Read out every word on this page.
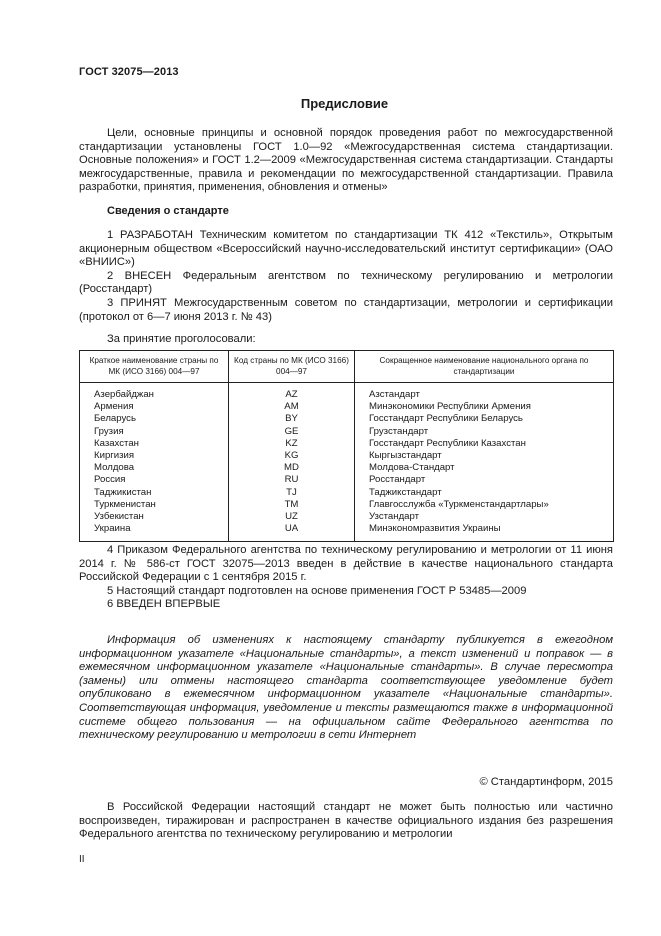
ГОСТ 32075—2013
Предисловие

Цели, основные принципы и основной порядок проведения работ по межгосударственной стандартизации установлены ГОСТ 1.0—92 «Межгосударственная система стандартизации. Основные положения» и ГОСТ 1.2—2009 «Межгосударственная система стандартизации. Стандарты межгосударственные, правила и рекомендации по межгосударственной стандартизации. Правила разработки, принятия, применения, обновления и отмены»

Сведения о стандарте

1 РАЗРАБОТАН Техническим комитетом по стандартизации ТК 412 «Текстиль», Открытым акционерным обществом «Всероссийский научно-исследовательский институт сертификации» (ОАО «ВНИИС»)

2 ВНЕСЕН Федеральным агентством по техническому регулированию и метрологии (Росстандарт)

3 ПРИНЯТ Межгосударственным советом по стандартизации, метрологии и сертификации (протокол от 6—7 июня 2013 г. № 43)

За принятие проголосовали:
Краткое наименование страны по МК (ИСО 3166) 004—97	Код страны по МК (ИСО 3166) 004—97	Сокращенное наименование национального органа по стандартизации
Азербайджан	AZ	Азстандарт
Армения	AM	Минэкономики Республики Армения
Беларусь	BY	Госстандарт Республики Беларусь
Грузия	GE	Грузстандарт
Казахстан	KZ	Госстандарт Республики Казахстан
Киргизия	KG	Кыргызстандарт
Молдова	MD	Молдова-Стандарт
Россия	RU	Росстандарт
Таджикистан	TJ	Таджикстандарт
Туркменистан	TM	Главгосслужба «Туркменстандартлары»
Узбекистан	UZ	Узстандарт
Украина	UA	Минэкономразвития Украины

4 Приказом Федерального агентства по техническому регулированию и метрологии от 11 июня 2014 г. № 586-ст ГОСТ 32075—2013 введен в действие в качестве национального стандарта Российской Федерации с 1 сентября 2015 г.

5 Настоящий стандарт подготовлен на основе применения ГОСТ Р 53485—2009

6 ВВЕДЕН ВПЕРВЫЕ

Информация об изменениях к настоящему стандарту публикуется в ежегодном информационном указателе «Национальные стандарты», а текст изменений и поправок — в ежемесячном информационном указателе «Национальные стандарты». В случае пересмотра (замены) или отмены настоящего стандарта соответствующее уведомление будет опубликовано в ежемесячном информационном указателе «Национальные стандарты». Соответствующая информация, уведомление и тексты размещаются также в информационной системе общего пользования — на официальном сайте Федерального агентства по техническому регулированию и метрологии в сети Интернет

© Стандартинформ, 2015

В Российской Федерации настоящий стандарт не может быть полностью или частично воспроизведен, тиражирован и распространен в качестве официального издания без разрешения Федерального агентства по техническому регулированию и метрологии

II
